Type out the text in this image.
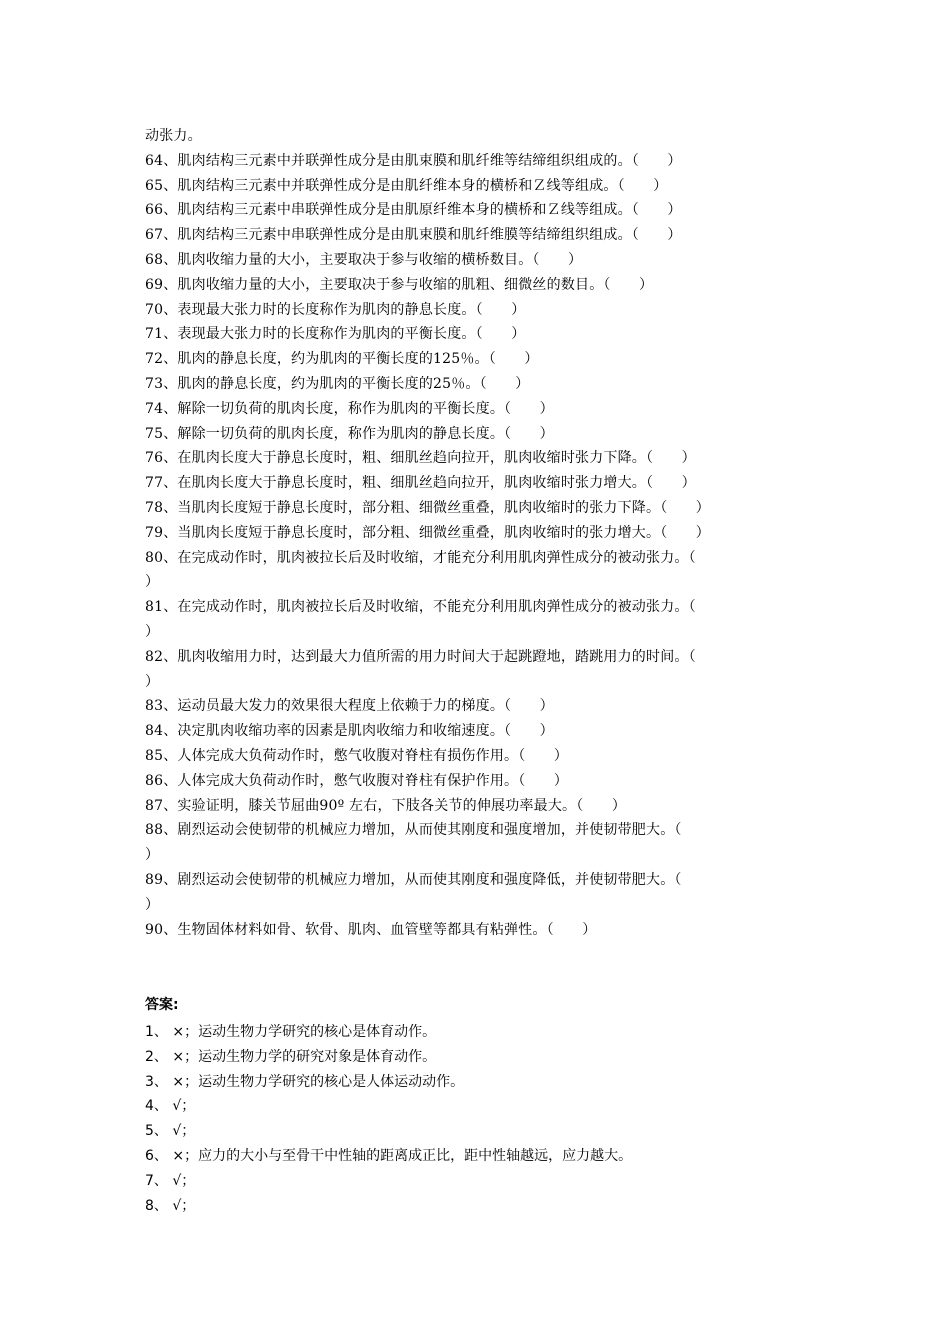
动张力。
64、肌肉结构三元素中并联弹性成分是由肌束膜和肌纤维等结缔组织组成的。（　　）
65、肌肉结构三元素中并联弹性成分是由肌纤维本身的横桥和Ｚ线等组成。（　　）
66、肌肉结构三元素中串联弹性成分是由肌原纤维本身的横桥和Ｚ线等组成。（　　）
67、肌肉结构三元素中串联弹性成分是由肌束膜和肌纤维膜等结缔组织组成。（　　）
68、肌肉收缩力量的大小，主要取决于参与收缩的横桥数目。（　　）
69、肌肉收缩力量的大小，主要取决于参与收缩的肌粗、细微丝的数目。（　　）
70、表现最大张力时的长度称作为肌肉的静息长度。（　　）
71、表现最大张力时的长度称作为肌肉的平衡长度。（　　）
72、肌肉的静息长度，约为肌肉的平衡长度的125％。（　　）
73、肌肉的静息长度，约为肌肉的平衡长度的25％。（　　）
74、解除一切负荷的肌肉长度，称作为肌肉的平衡长度。（　　）
75、解除一切负荷的肌肉长度，称作为肌肉的静息长度。（　　）
76、在肌肉长度大于静息长度时，粗、细肌丝趋向拉开，肌肉收缩时张力下降。（　　）
77、在肌肉长度大于静息长度时，粗、细肌丝趋向拉开，肌肉收缩时张力增大。（　　）
78、当肌肉长度短于静息长度时，部分粗、细微丝重叠，肌肉收缩时的张力下降。（　　）
79、当肌肉长度短于静息长度时，部分粗、细微丝重叠，肌肉收缩时的张力增大。（　　）
80、在完成动作时，肌肉被拉长后及时收缩，才能充分利用肌肉弹性成分的被动张力。（
）
81、在完成动作时，肌肉被拉长后及时收缩，不能充分利用肌肉弹性成分的被动张力。（
）
82、肌肉收缩用力时，达到最大力值所需的用力时间大于起跳蹬地，踏跳用力的时间。（
）
83、运动员最大发力的效果很大程度上依赖于力的梯度。（　　）
84、决定肌肉收缩功率的因素是肌肉收缩力和收缩速度。（　　）
85、人体完成大负荷动作时，憋气收腹对脊柱有损伤作用。（　　）
86、人体完成大负荷动作时，憋气收腹对脊柱有保护作用。（　　）
87、实验证明，膝关节屈曲90º 左右，下肢各关节的伸展功率最大。（　　）
88、剧烈运动会使韧带的机械应力增加，从而使其刚度和强度增加，并使韧带肥大。（
）
89、剧烈运动会使韧带的机械应力增加，从而使其刚度和强度降低，并使韧带肥大。（
）
90、生物固体材料如骨、软骨、肌肉、血管壁等都具有粘弹性。（　　）
答案:
1、 ×；运动生物力学研究的核心是体育动作。
2、 ×；运动生物力学的研究对象是体育动作。
3、 ×；运动生物力学研究的核心是人体运动动作。
4、 √；
5、 √；
6、 ×；应力的大小与至骨干中性轴的距离成正比，距中性轴越远，应力越大。
7、 √；
8、 √；
